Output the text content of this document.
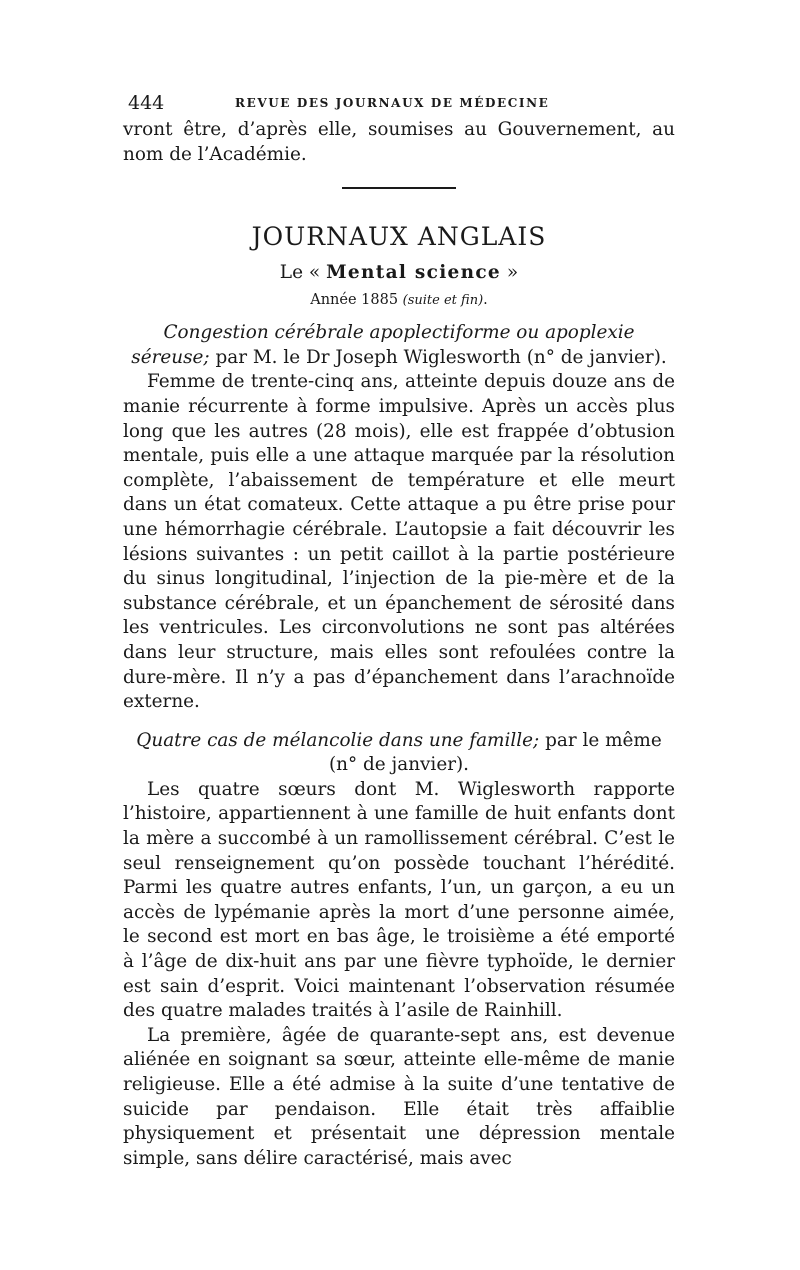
444	REVUE DES JOURNAUX DE MÉDECINE

vront être, d’après elle, soumises au Gouvernement, au nom de l’Académie.

JOURNAUX ANGLAIS
Le « Mental science »
Année 1885 (suite et fin).
Congestion cérébrale apoplectiforme ou apoplexie séreuse; par M. le Dr Joseph Wiglesworth (n° de janvier).

Femme de trente-cinq ans, atteinte depuis douze ans de manie récurrente à forme impulsive. Après un accès plus long que les autres (28 mois), elle est frappée d’obtusion mentale, puis elle a une attaque marquée par la résolution complète, l’abaissement de température et elle meurt dans un état comateux. Cette attaque a pu être prise pour une hémorrhagie cérébrale. L’autopsie a fait découvrir les lésions suivantes : un petit caillot à la partie postérieure du sinus longitudinal, l’injection de la pie-mère et de la substance cérébrale, et un épanchement de sérosité dans les ventricules. Les circonvolutions ne sont pas altérées dans leur structure, mais elles sont refoulées contre la dure-mère. Il n’y a pas d’épanchement dans l’arachnoïde externe.

Quatre cas de mélancolie dans une famille; par le même (n° de janvier).

Les quatre sœurs dont M. Wiglesworth rapporte l’histoire, appartiennent à une famille de huit enfants dont la mère a succombé à un ramollissement cérébral. C’est le seul renseignement qu’on possède touchant l’hérédité. Parmi les quatre autres enfants, l’un, un garçon, a eu un accès de lypémanie après la mort d’une personne aimée, le second est mort en bas âge, le troisième a été emporté à l’âge de dix-huit ans par une fièvre typhoïde, le dernier est sain d’esprit. Voici maintenant l’observation résumée des quatre malades traités à l’asile de Rainhill.

La première, âgée de quarante-sept ans, est devenue aliénée en soignant sa sœur, atteinte elle-même de manie religieuse. Elle a été admise à la suite d’une tentative de suicide par pendaison. Elle était très affaiblie physiquement et présentait une dépression mentale simple, sans délire caractérisé, mais avec
